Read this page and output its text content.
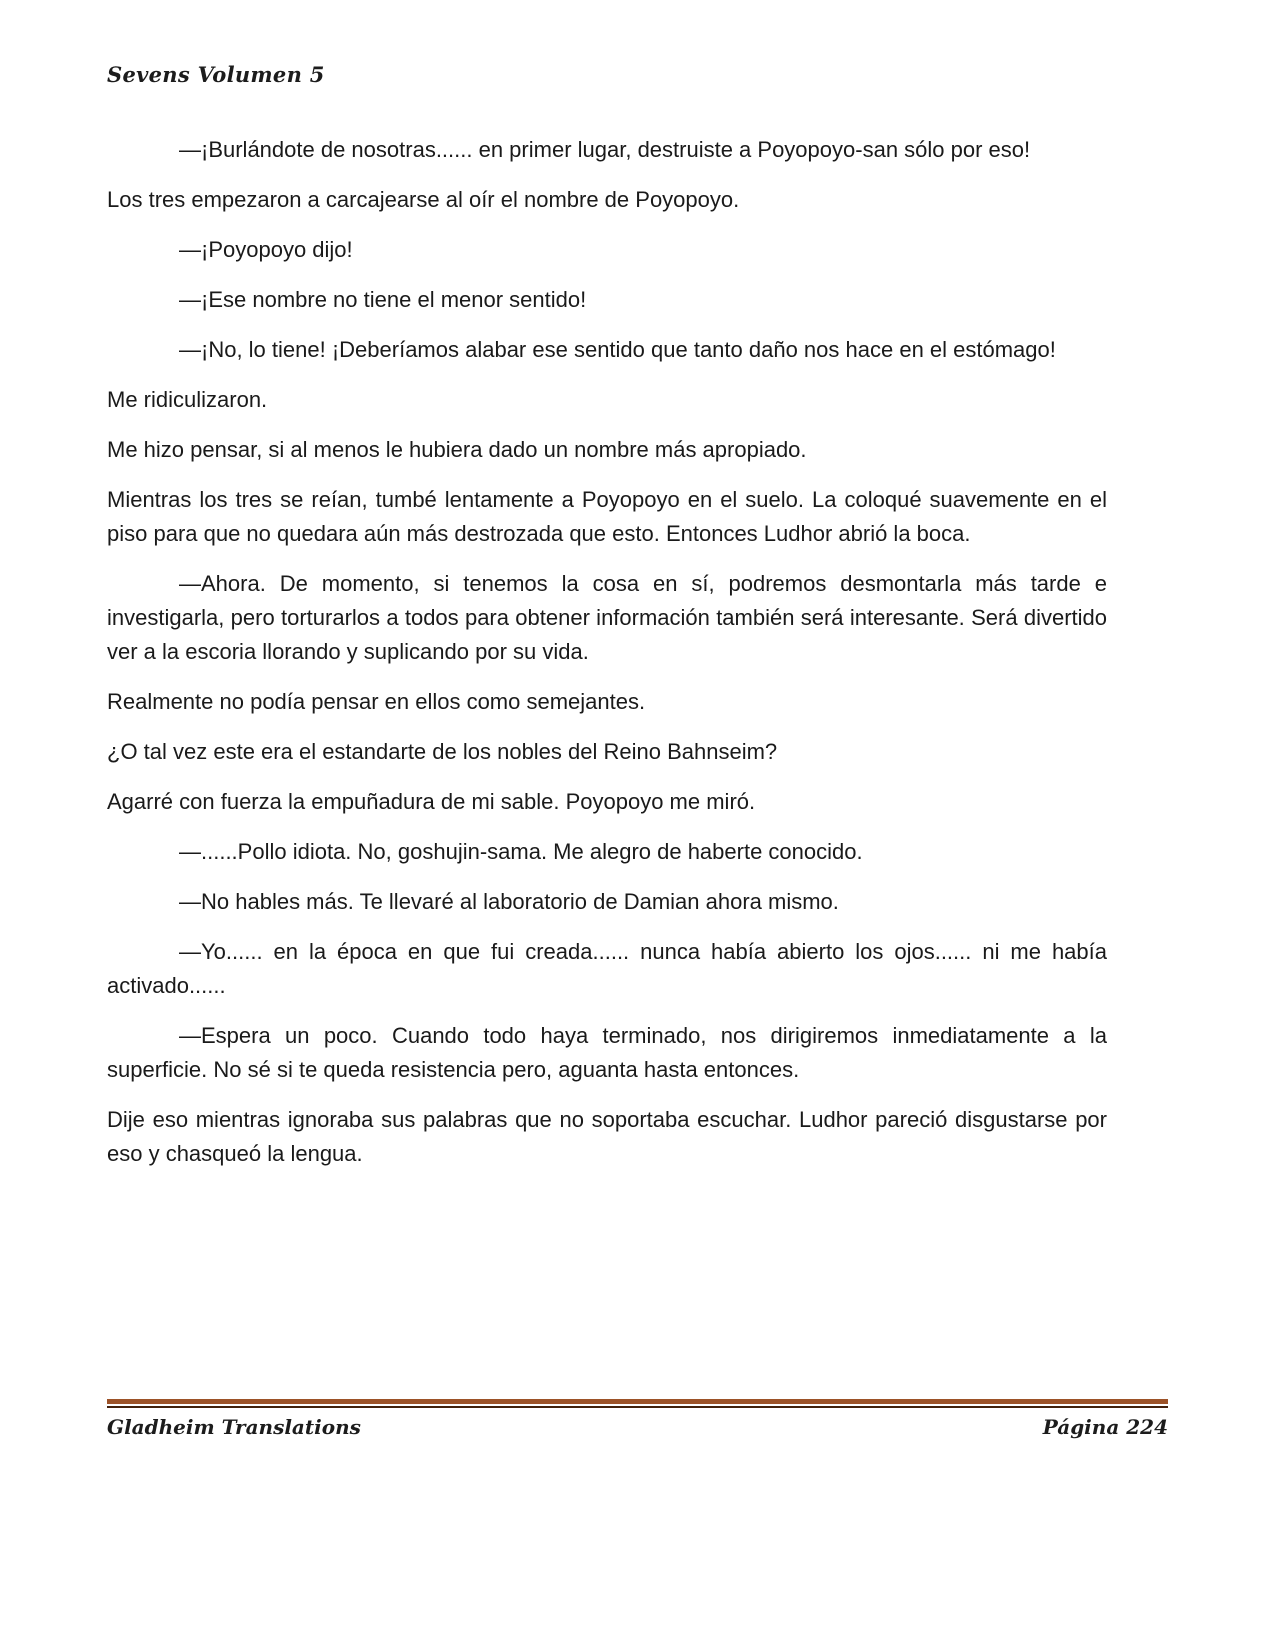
Sevens Volumen 5

—¡Burlándote de nosotras...... en primer lugar, destruiste a Poyopoyo-san sólo por eso!

Los tres empezaron a carcajearse al oír el nombre de Poyopoyo.

—¡Poyopoyo dijo!

—¡Ese nombre no tiene el menor sentido!

—¡No, lo tiene! ¡Deberíamos alabar ese sentido que tanto daño nos hace en el estómago!

Me ridiculizaron.

Me hizo pensar, si al menos le hubiera dado un nombre más apropiado.

Mientras los tres se reían, tumbé lentamente a Poyopoyo en el suelo. La coloqué suavemente en el piso para que no quedara aún más destrozada que esto. Entonces Ludhor abrió la boca.

—Ahora. De momento, si tenemos la cosa en sí, podremos desmontarla más tarde e investigarla, pero torturarlos a todos para obtener información también será interesante. Será divertido ver a la escoria llorando y suplicando por su vida.

Realmente no podía pensar en ellos como semejantes.

¿O tal vez este era el estandarte de los nobles del Reino Bahnseim?

Agarré con fuerza la empuñadura de mi sable. Poyopoyo me miró.

—......Pollo idiota. No, goshujin-sama. Me alegro de haberte conocido.

—No hables más. Te llevaré al laboratorio de Damian ahora mismo.

—Yo...... en la época en que fui creada...... nunca había abierto los ojos...... ni me había activado......

—Espera un poco. Cuando todo haya terminado, nos dirigiremos inmediatamente a la superficie. No sé si te queda resistencia pero, aguanta hasta entonces.

Dije eso mientras ignoraba sus palabras que no soportaba escuchar. Ludhor pareció disgustarse por eso y chasqueó la lengua.

Gladheim Translations	Página 224
